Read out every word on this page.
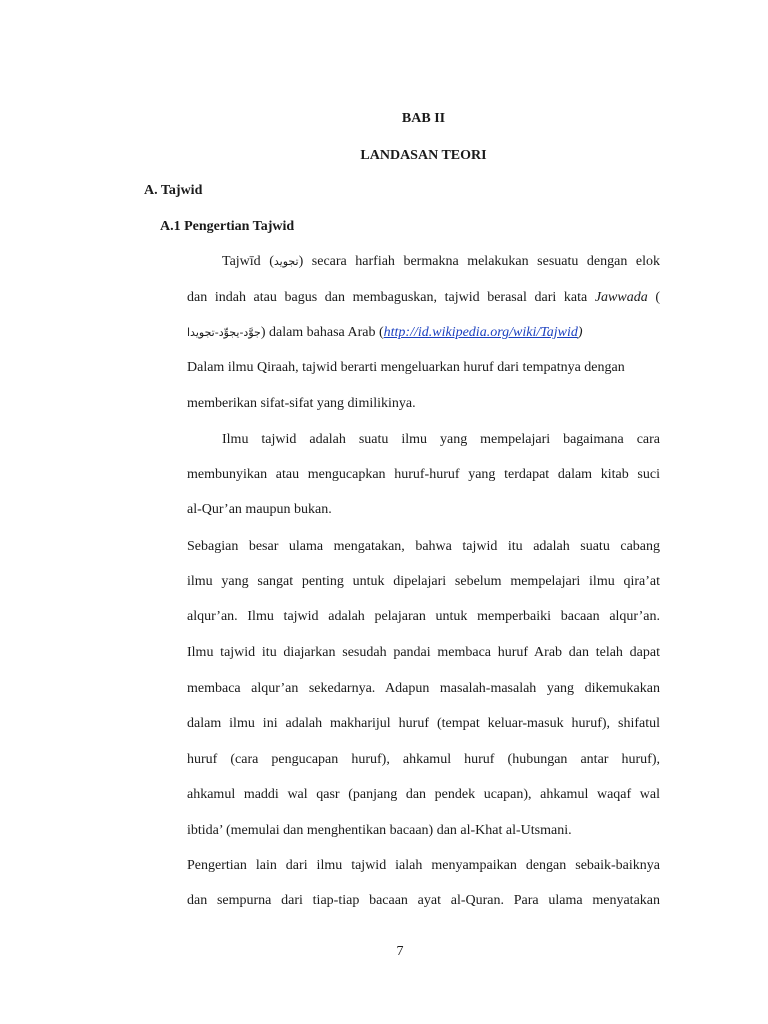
BAB II
LANDASAN TEORI
A. Tajwid
A.1 Pengertian Tajwid
Tajwīd (تجويد) secara harfiah bermakna melakukan sesuatu dengan elok
dan indah atau bagus dan membaguskan, tajwid berasal dari kata Jawwada (
جوَّد-يجوِّد-تجويدا) dalam bahasa Arab (http://id.wikipedia.org/wiki/Tajwid)
Dalam ilmu Qiraah, tajwid berarti mengeluarkan huruf dari tempatnya dengan
memberikan sifat-sifat yang dimilikinya.
Ilmu tajwid adalah suatu ilmu yang mempelajari bagaimana cara
membunyikan atau mengucapkan huruf-huruf yang terdapat dalam kitab suci
al-Qur’an maupun bukan.
Sebagian besar ulama mengatakan, bahwa tajwid itu adalah suatu cabang
ilmu yang sangat penting untuk dipelajari sebelum mempelajari ilmu qira’at
alqur’an. Ilmu tajwid adalah pelajaran untuk memperbaiki bacaan alqur’an.
Ilmu tajwid itu diajarkan sesudah pandai membaca huruf Arab dan telah dapat
membaca alqur’an sekedarnya. Adapun masalah-masalah yang dikemukakan
dalam ilmu ini adalah makharijul huruf (tempat keluar-masuk huruf), shifatul
huruf (cara pengucapan huruf), ahkamul huruf (hubungan antar huruf),
ahkamul maddi wal qasr (panjang dan pendek ucapan), ahkamul waqaf wal
ibtida’ (memulai dan menghentikan bacaan) dan al-Khat al-Utsmani.
Pengertian lain dari ilmu tajwid ialah menyampaikan dengan sebaik-baiknya
dan sempurna dari tiap-tiap bacaan ayat al-Quran. Para ulama menyatakan
7
